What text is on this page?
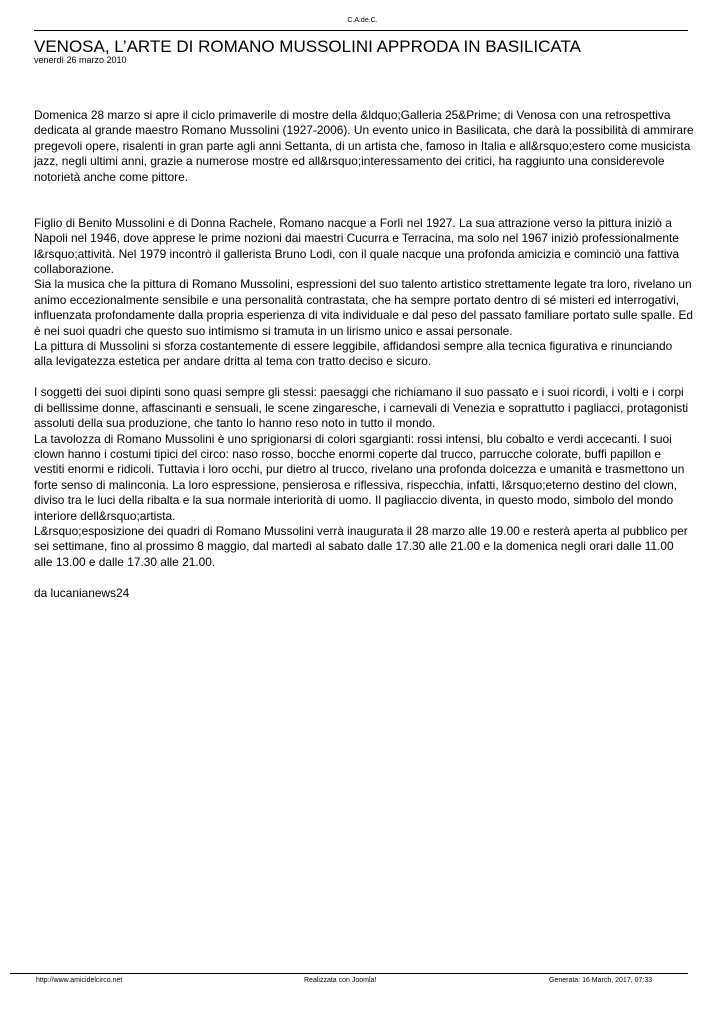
C.A.de.C.
VENOSA, L’ARTE DI ROMANO MUSSOLINI APPRODA IN BASILICATA
venerdì 26 marzo 2010

Domenica 28 marzo si apre il ciclo primaverile di mostre della &ldquo;Galleria 25&Prime; di Venosa con una retrospettiva dedicata al grande maestro Romano Mussolini (1927-2006). Un evento unico in Basilicata, che darà la possibilità di ammirare pregevoli opere, risalenti in gran parte agli anni Settanta, di un artista che, famoso in Italia e all&rsquo;estero come musicista jazz, negli ultimi anni, grazie a numerose mostre ed all&rsquo;interessamento dei critici, ha raggiunto una considerevole notorietà anche come pittore.

Figlio di Benito Mussolini e di Donna Rachele, Romano nacque a Forlì nel 1927. La sua attrazione verso la pittura iniziò a Napoli nel 1946, dove apprese le prime nozioni dai maestri Cucurra e Terracina, ma solo nel 1967 iniziò professionalmente l&rsquo;attività. Nel 1979 incontrò il gallerista Bruno Lodi, con il quale nacque una profonda amicizia e cominciò una fattiva collaborazione.

Sia la musica che la pittura di Romano Mussolini, espressioni del suo talento artistico strettamente legate tra loro, rivelano un animo eccezionalmente sensibile e una personalità contrastata, che ha sempre portato dentro di sé misteri ed interrogativi, influenzata profondamente dalla propria esperienza di vita individuale e dal peso del passato familiare portato sulle spalle. Ed è nei suoi quadri che questo suo intimismo si tramuta in un lirismo unico e assai personale.

La pittura di Mussolini si sforza costantemente di essere leggibile, affidandosi sempre alla tecnica figurativa e rinunciando alla levigatezza estetica per andare dritta al tema con tratto deciso e sicuro.

I soggetti dei suoi dipinti sono quasi sempre gli stessi: paesaggi che richiamano il suo passato e i suoi ricordi, i volti e i corpi di bellissime donne, affascinanti e sensuali, le scene zingaresche, i carnevali di Venezia e soprattutto i pagliacci, protagonisti assoluti della sua produzione, che tanto lo hanno reso noto in tutto il mondo.

La tavolozza di Romano Mussolini è uno sprigionarsi di colori sgargianti: rossi intensi, blu cobalto e verdi accecanti. I suoi clown hanno i costumi tipici del circo: naso rosso, bocche enormi coperte dal trucco, parrucche colorate, buffi papillon e vestiti enormi e ridicoli. Tuttavia i loro occhi, pur dietro al trucco, rivelano una profonda dolcezza e umanità e trasmettono un forte senso di malinconia. La loro espressione, pensierosa e riflessiva, rispecchia, infatti, l&rsquo;eterno destino del clown, diviso tra le luci della ribalta e la sua normale interiorità di uomo. Il pagliaccio diventa, in questo modo, simbolo del mondo interiore dell&rsquo;artista.

L&rsquo;esposizione dei quadri di Romano Mussolini verrà inaugurata il 28 marzo alle 19.00 e resterà aperta al pubblico per sei settimane, fino al prossimo 8 maggio, dal martedì al sabato dalle 17.30 alle 21.00 e la domenica negli orari dalle 11.00 alle 13.00 e dalle 17.30 alle 21.00.

da lucanianews24

http://www.amicidelcirco.net	Realizzata con Joomla!	Generata: 16 March, 2017, 07:33
